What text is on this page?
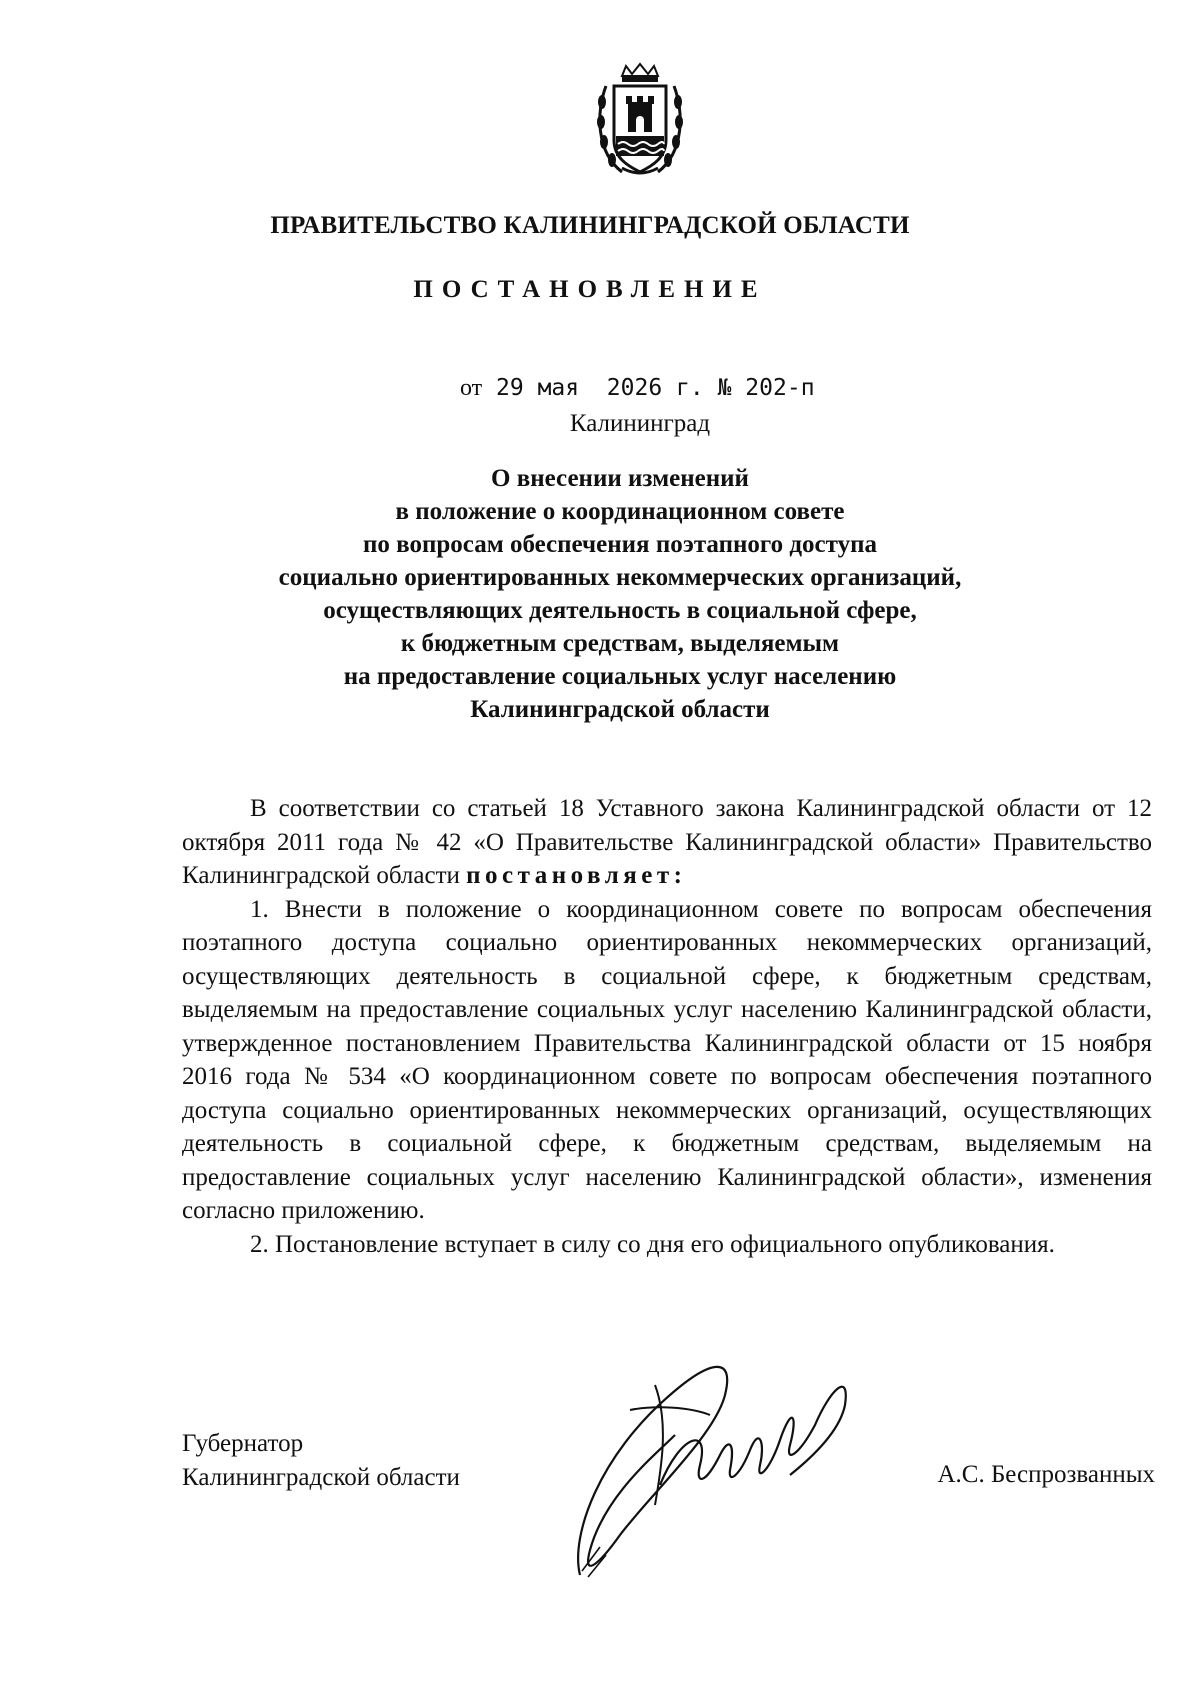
ПРАВИТЕЛЬСТВО КАЛИНИНГРАДСКОЙ ОБЛАСТИ
ПОСТАНОВЛЕНИЕ
от 29 мая  2026 г. № 202-п
Калининград
О внесении изменений
в положение о координационном совете
по вопросам обеспечения поэтапного доступа
социально ориентированных некоммерческих организаций,
осуществляющих деятельность в социальной сфере,
к бюджетным средствам, выделяемым
на предоставление социальных услуг населению
Калининградской области

В соответствии со статьей 18 Уставного закона Калининградской области от 12 октября 2011 года № 42 «О Правительстве Калининградской области» Правительство Калининградской области постановляет:

1. Внести в положение о координационном совете по вопросам обеспечения поэтапного доступа социально ориентированных некоммерческих организаций, осуществляющих деятельность в социальной сфере, к бюджетным средствам, выделяемым на предоставление социальных услуг населению Калининградской области, утвержденное постановлением Правительства Калининградской области от 15 ноября 2016 года № 534 «О координационном совете по вопросам обеспечения поэтапного доступа социально ориентированных некоммерческих организаций, осуществляющих деятельность в социальной сфере, к бюджетным средствам, выделяемым на предоставление социальных услуг населению Калининградской области», изменения согласно приложению.

2. Постановление вступает в силу со дня его официального опубликования.

Губернатор
Калининградской области	А.С. Беспрозванных
